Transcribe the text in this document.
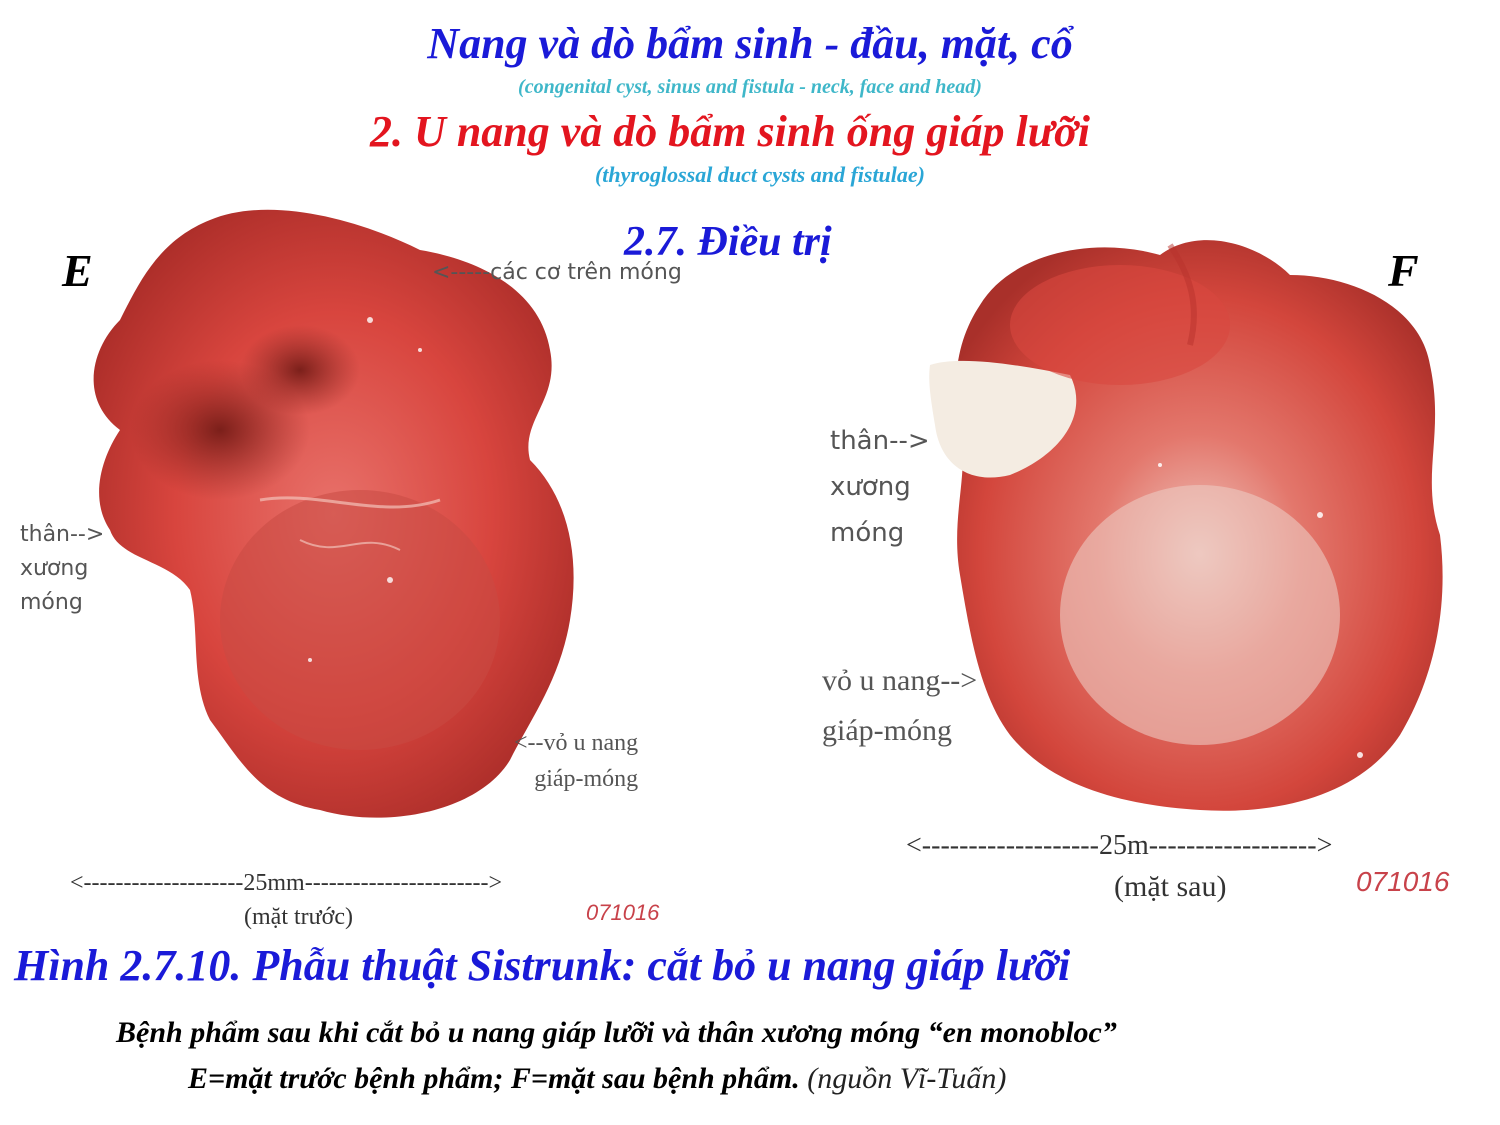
Nang và dò bẩm sinh - đầu, mặt, cổ
(congenital cyst, sinus and fistula - neck, face and head)
2. U nang và dò bẩm sinh ống giáp lưỡi
(thyroglossal duct cysts and fistulae)
2.7. Điều trị
E	<-----các cơ trên móng
thân-->
xương
móng
<--vỏ u nang
giáp-móng
<--------------------25mm----------------------->
(mặt trước)	071016
F
thân-->
xương
móng
vỏ u nang-->
giáp-móng
<-------------------25m------------------>
(mặt sau)	071016
Hình 2.7.10. Phẫu thuật Sistrunk: cắt bỏ u nang giáp lưỡi
Bệnh phẩm sau khi cắt bỏ u nang giáp lưỡi và thân xương móng “en monobloc”
E=mặt trước bệnh phẩm; F=mặt sau bệnh phẩm. (nguồn Vĩ-Tuấn)
